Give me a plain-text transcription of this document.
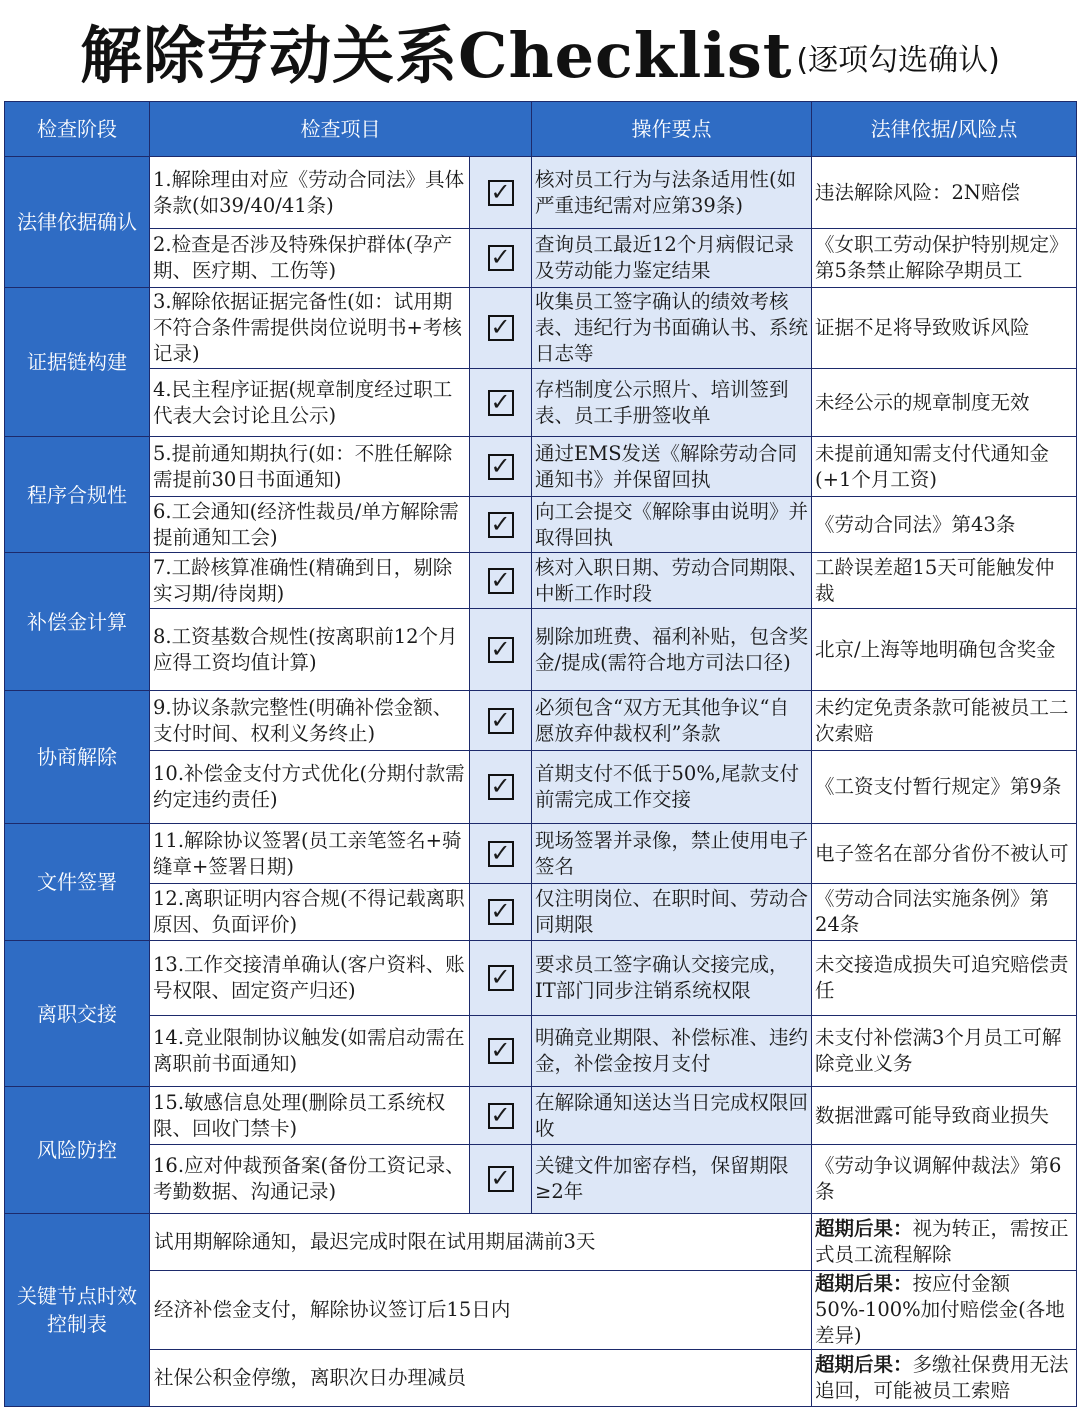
解除劳动关系Checklist (逐项勾选确认)
检查阶段	检查项目		操作要点	法律依据/风险点
法律依据确认	1.解除理由对应《劳动合同法》具体条款(如39/40/41条)	✓	核对员工行为与法条适用性(如严重违纪需对应第39条)	违法解除风险：2N赔偿
	2.检查是否涉及特殊保护群体(孕产期、医疗期、工伤等)	✓	查询员工最近12个月病假记录及劳动能力鉴定结果	《女职工劳动保护特别规定》第5条禁止解除孕期员工
证据链构建	3.解除依据证据完备性(如：试用期不符合条件需提供岗位说明书+考核记录)	✓	收集员工签字确认的绩效考核表、违纪行为书面确认书、系统日志等	证据不足将导致败诉风险
	4.民主程序证据(规章制度经过职工代表大会讨论且公示)	✓	存档制度公示照片、培训签到表、员工手册签收单	未经公示的规章制度无效
程序合规性	5.提前通知期执行(如：不胜任解除需提前30日书面通知)	✓	通过EMS发送《解除劳动合同通知书》并保留回执	未提前通知需支付代通知金(+1个月工资)
	6.工会通知(经济性裁员/单方解除需提前通知工会)	✓	向工会提交《解除事由说明》并取得回执	《劳动合同法》第43条
补偿金计算	7.工龄核算准确性(精确到日，剔除实习期/待岗期)	✓	核对入职日期、劳动合同期限、中断工作时段	工龄误差超15天可能触发仲裁
	8.工资基数合规性(按离职前12个月应得工资均值计算)	✓	剔除加班费、福利补贴，包含奖金/提成(需符合地方司法口径)	北京/上海等地明确包含奖金
协商解除	9.协议条款完整性(明确补偿金额、支付时间、权利义务终止)	✓	必须包含“双方无其他争议“自愿放弃仲裁权利”条款	未约定免责条款可能被员工二次索赔
	10.补偿金支付方式优化(分期付款需约定违约责任)	✓	首期支付不低于50%,尾款支付前需完成工作交接	《工资支付暂行规定》第9条
文件签署	11.解除协议签署(员工亲笔签名+骑缝章+签署日期)	✓	现场签署并录像，禁止使用电子签名	电子签名在部分省份不被认可
	12.离职证明内容合规(不得记载离职原因、负面评价)	✓	仅注明岗位、在职时间、劳动合同期限	《劳动合同法实施条例》第24条
离职交接	13.工作交接清单确认(客户资料、账号权限、固定资产归还)	✓	要求员工签字确认交接完成，IT部门同步注销系统权限	未交接造成损失可追究赔偿责任
	14.竞业限制协议触发(如需启动需在离职前书面通知)	✓	明确竞业期限、补偿标准、违约金，补偿金按月支付	未支付补偿满3个月员工可解除竞业义务
风险防控	15.敏感信息处理(删除员工系统权限、回收门禁卡)	✓	在解除通知送达当日完成权限回收	数据泄露可能导致商业损失
	16.应对仲裁预备案(备份工资记录、考勤数据、沟通记录)	✓	关键文件加密存档，保留期限≥2年	《劳动争议调解仲裁法》第6条
关键节点时效控制表	试用期解除通知，最迟完成时限在试用期届满前3天			超期后果：视为转正，需按正式员工流程解除
	经济补偿金支付，解除协议签订后15日内			超期后果：按应付金额50%-100%加付赔偿金(各地差异)
	社保公积金停缴，离职次日办理减员			超期后果：多缴社保费用无法追回，可能被员工索赔
